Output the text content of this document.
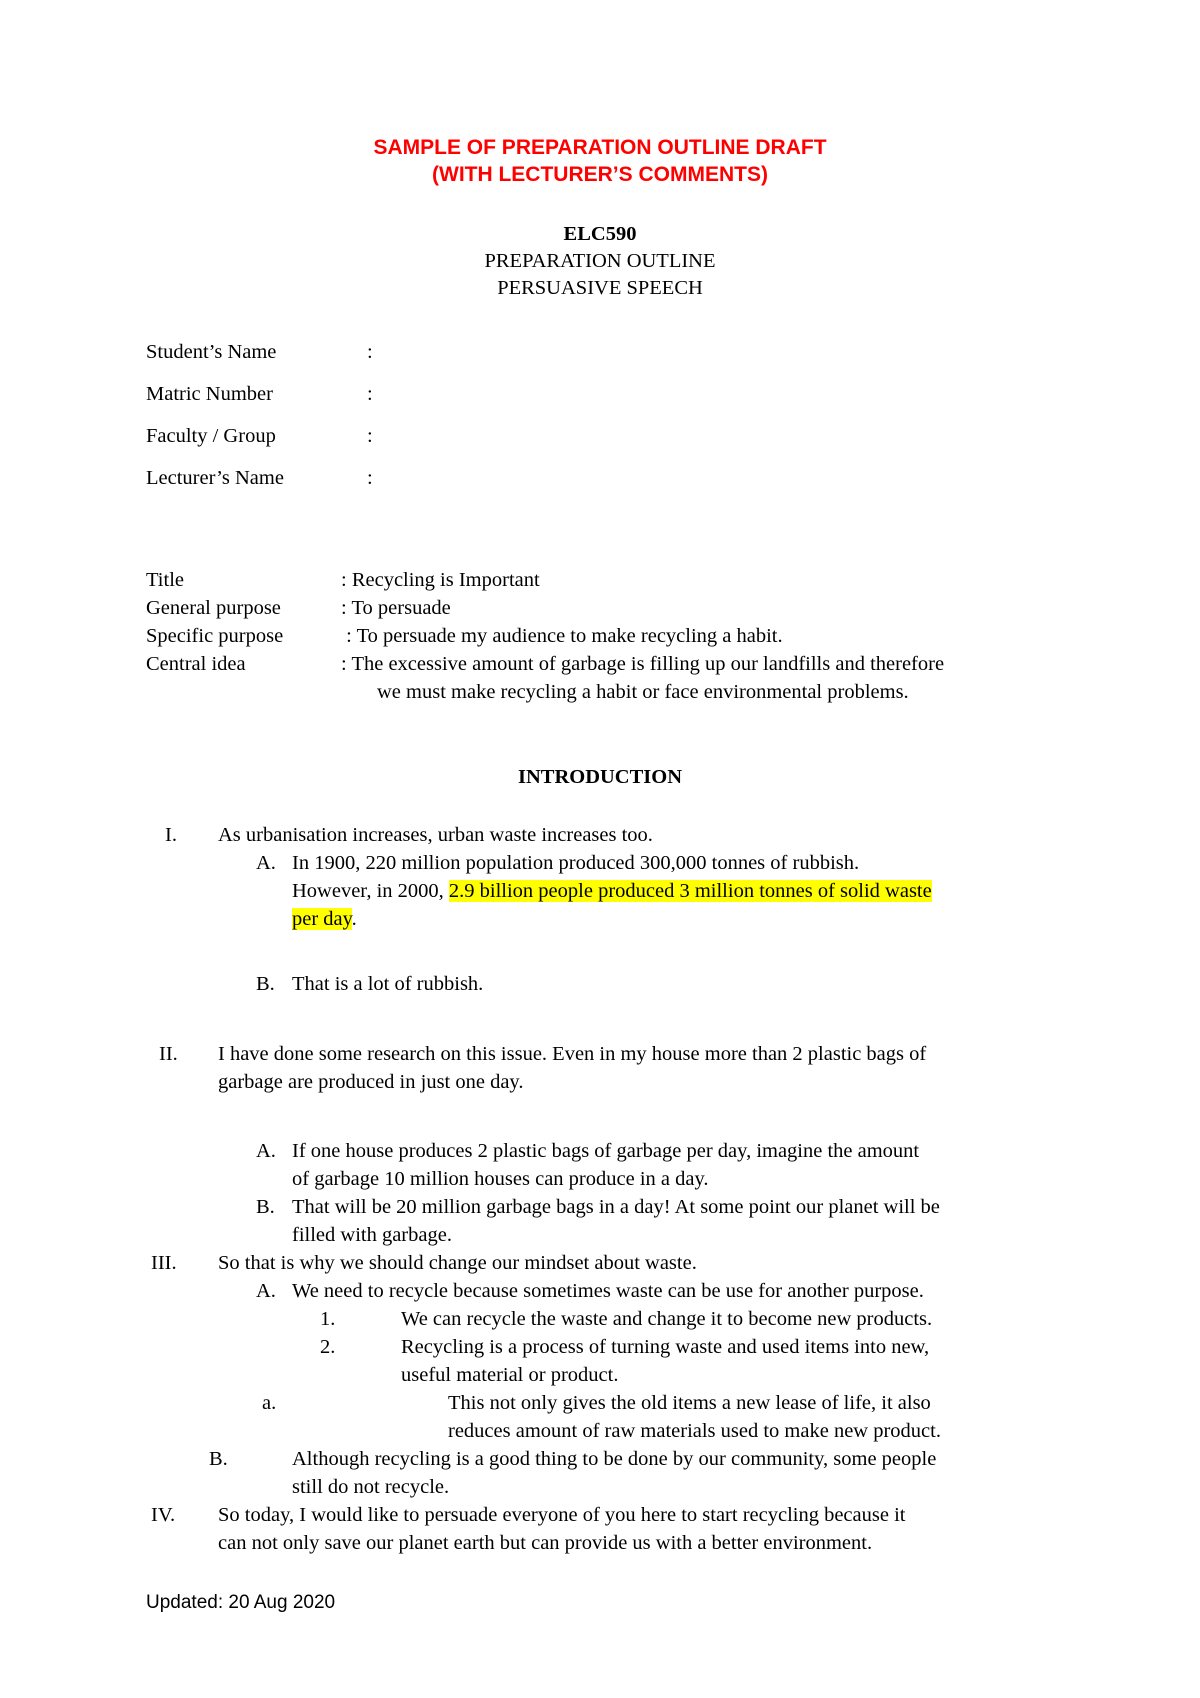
SAMPLE OF PREPARATION OUTLINE DRAFT
(WITH LECTURER’S COMMENTS)
ELC590
PREPARATION OUTLINE
PERSUASIVE SPEECH
Student’s Name	:
Matric Number	:
Faculty / Group	:
Lecturer’s Name	:
Title	: Recycling is Important
General purpose	: To persuade
Specific purpose	: To persuade my audience to make recycling a habit.
Central idea	: The excessive amount of garbage is filling up our landfills and therefore
we must make recycling a habit or face environmental problems.
INTRODUCTION
I. As urbanisation increases, urban waste increases too.
A. In 1900, 220 million population produced 300,000 tonnes of rubbish.
However, in 2000, 2.9 billion people produced 3 million tonnes of solid waste
per day.
B. That is a lot of rubbish.
II. I have done some research on this issue. Even in my house more than 2 plastic bags of
garbage are produced in just one day.
A. If one house produces 2 plastic bags of garbage per day, imagine the amount
of garbage 10 million houses can produce in a day.
B. That will be 20 million garbage bags in a day! At some point our planet will be
filled with garbage.
III. So that is why we should change our mindset about waste.
A. We need to recycle because sometimes waste can be use for another purpose.
1.	We can recycle the waste and change it to become new products.
2.	Recycling is a process of turning waste and used items into new,
useful material or product.
a.	This not only gives the old items a new lease of life, it also
reduces amount of raw materials used to make new product.
B.	Although recycling is a good thing to be done by our community, some people
still do not recycle.
IV. So today, I would like to persuade everyone of you here to start recycling because it
can not only save our planet earth but can provide us with a better environment.
Updated: 20 Aug 2020
